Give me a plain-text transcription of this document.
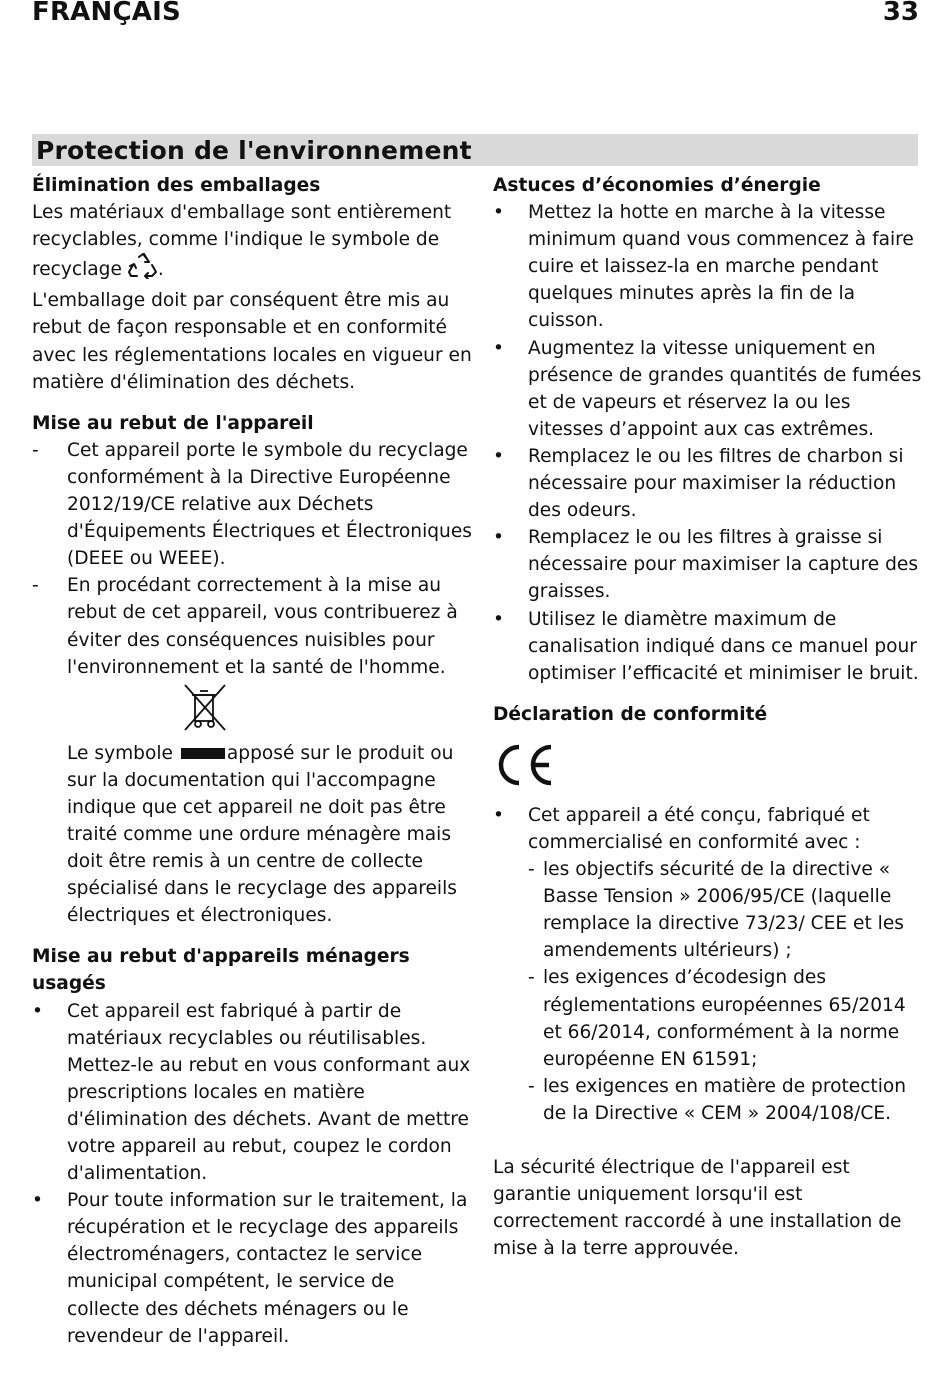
FRANÇAIS	33
Protection de l'environnement
Élimination des emballages

Les matériaux d'emballage sont entièrement recyclables, comme l'indique le symbole de recyclage .

L'emballage doit par conséquent être mis au rebut de façon responsable et en conformité avec les réglementations locales en vigueur en matière d'élimination des déchets.

Mise au rebut de l'appareil
-	Cet appareil porte le symbole du recyclage conformément à la Directive Européenne 2012/19/CE relative aux Déchets d'Équipements Électriques et Électroniques (DEEE ou WEEE).
-	En procédant correctement à la mise au rebut de cet appareil, vous contribuerez à éviter des conséquences nuisibles pour l'environnement et la santé de l'homme.

Le symbole	apposé sur le produit ou sur la documentation qui l'accompagne indique que cet appareil ne doit pas être traité comme une ordure ménagère mais doit être remis à un centre de collecte spécialisé dans le recyclage des appareils électriques et électroniques.

Mise au rebut d'appareils ménagers usagés
•	Cet appareil est fabriqué à partir de matériaux recyclables ou réutilisables. Mettez-le au rebut en vous conformant aux prescriptions locales en matière d'élimination des déchets. Avant de mettre votre appareil au rebut, coupez le cordon d'alimentation.
•	Pour toute information sur le traitement, la récupération et le recyclage des appareils électroménagers, contactez le service municipal compétent, le service de collecte des déchets ménagers ou le revendeur de l'appareil.
Astuces d’économies d’énergie
•	Mettez la hotte en marche à la vitesse minimum quand vous commencez à faire cuire et laissez-la en marche pendant quelques minutes après la fin de la cuisson.
•	Augmentez la vitesse uniquement en présence de grandes quantités de fumées et de vapeurs et réservez la ou les vitesses d’appoint aux cas extrêmes.
•	Remplacez le ou les filtres de charbon si nécessaire pour maximiser la réduction des odeurs.
•	Remplacez le ou les filtres à graisse si nécessaire pour maximiser la capture des graisses.
•	Utilisez le diamètre maximum de canalisation indiqué dans ce manuel pour optimiser l’efficacité et minimiser le bruit.
Déclaration de conformité
•	Cet appareil a été conçu, fabriqué et commercialisé en conformité avec :
- les objectifs sécurité de la directive « Basse Tension » 2006/95/CE (laquelle remplace la directive 73/23/ CEE et les amendements ultérieurs) ;
- les exigences d’écodesign des réglementations européennes 65/2014 et 66/2014, conformément à la norme européenne EN 61591;
- les exigences en matière de protection de la Directive « CEM » 2004/108/CE.

La sécurité électrique de l'appareil est garantie uniquement lorsqu'il est correctement raccordé à une installation de mise à la terre approuvée.
